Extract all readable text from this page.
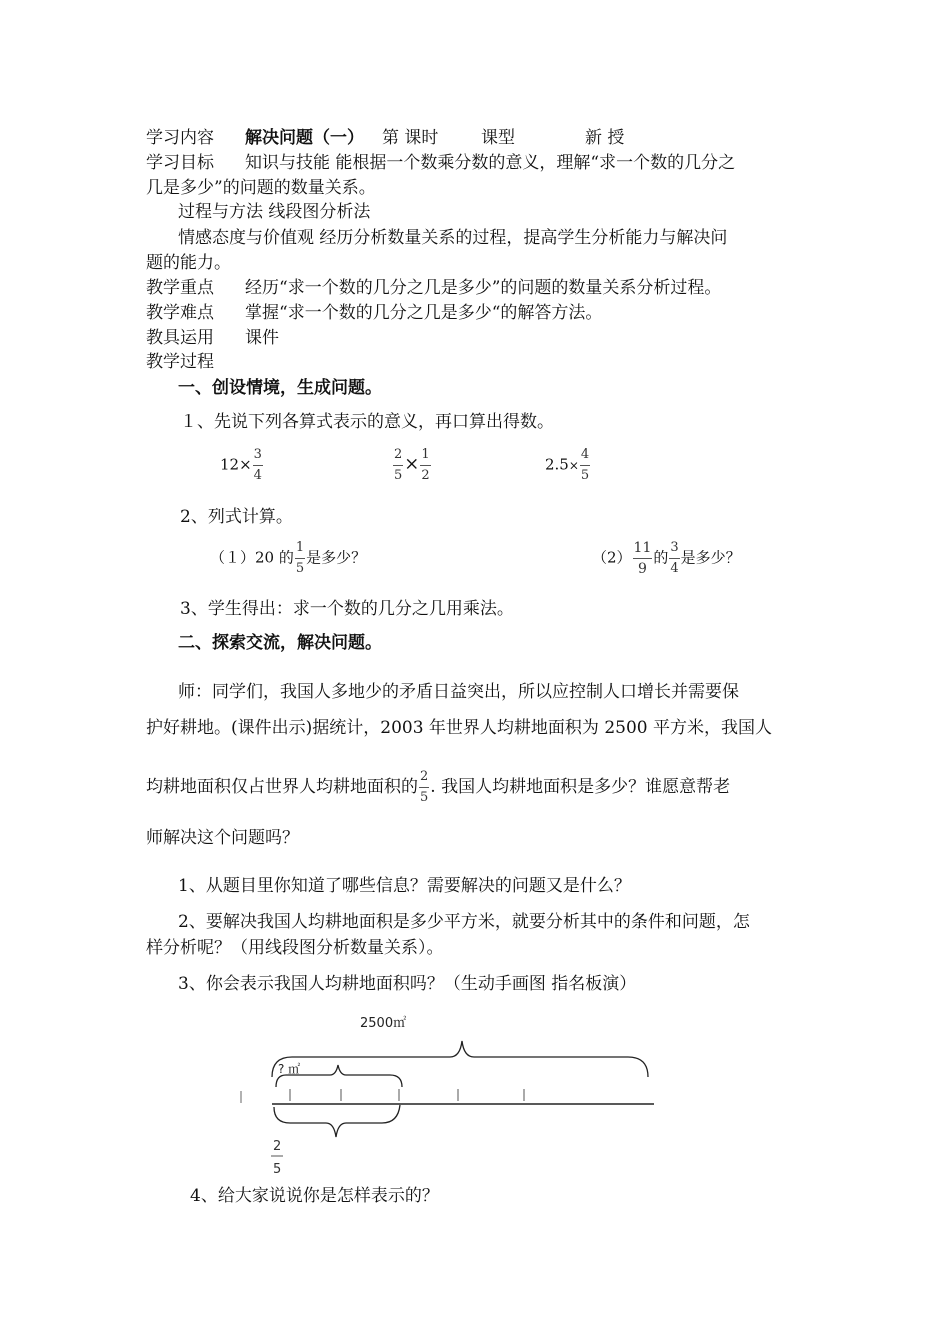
学习内容 解决问题（一） 第 课时	课型	新 授
学习目标 知识与技能 能根据一个数乘分数的意义，理解“求一个数的几分之
几是多少”的问题的数量关系。
过程与方法 线段图分析法
情感态度与价值观 经历分析数量关系的过程，提高学生分析能力与解决问
题的能力。
教学重点 经历“求一个数的几分之几是多少”的问题的数量关系分析过程。
教学难点 掌握“求一个数的几分之几是多少“的解答方法。
教具运用 课件
教学过程
一、创设情境，生成问题。
１、先说下列各算式表示的意义，再口算出得数。
$12\times \frac{3}{4}$	$\frac{2}{5} \times \frac{1}{2}$	$2.5\times \frac{4}{5}$
2、列式计算。
（１）20 的 $\frac{1}{5}$ 是多少？	$(2) \frac{11}{9}$ 的 $\frac{3}{4}$ 是多少？
3、学生得出：求一个数的几分之几用乘法。
二、探索交流，解决问题。
师：同学们，我国人多地少的矛盾日益突出，所以应控制人口增长并需要保
护好耕地。(课件出示)据统计，2003 年世界人均耕地面积为 2500 平方米，我国人
均耕地面积仅占世界人均耕地面积的 $\frac{2}{5}$ . 我国人均耕地面积是多少？谁愿意帮老
师解决这个问题吗？
1、从题目里你知道了哪些信息？需要解决的问题又是什么？
2、要解决我国人均耕地面积是多少平方米，就要分析其中的条件和问题，怎
样分析呢？（用线段图分析数量关系）。
3、你会表示我国人均耕地面积吗？（生动手画图 指名板演）
2500㎡
? ㎡
2
5
4、给大家说说你是怎样表示的？
